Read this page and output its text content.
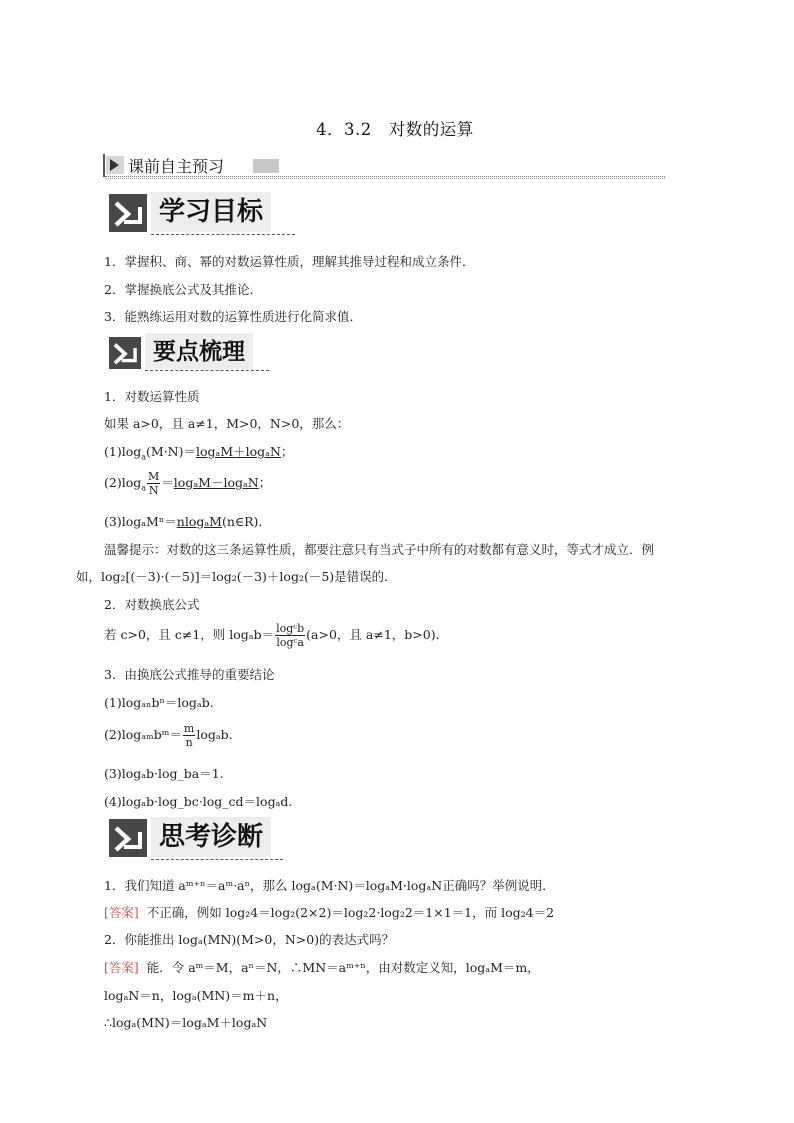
4．3.2　对数的运算
课前自主预习
学习目标
1．掌握积、商、幂的对数运算性质，理解其推导过程和成立条件．
2．掌握换底公式及其推论．
3．能熟练运用对数的运算性质进行化简求值．
要点梳理
1．对数运算性质
如果 a>0，且 a≠1，M>0，N>0，那么：
$(1)\log_a(M\cdot N)=\log_aM+\log_aN$；
$(2)\log_a \frac{M}{N} =\log_aM-\log_aN$；
(3)logₐMⁿ＝nlogₐM(n∈R)．
温馨提示：对数的这三条运算性质，都要注意只有当式子中所有的对数都有意义时，等式才成立．例
如，log₂[(－3)·(－5)]＝log₂(－3)＋log₂(－5)是错误的．
2．对数换底公式
若 c>0，且 c≠1，则 $\log_ab= \frac{\text{logᶜb}}{\text{logᶜa}} (a>0$，且 a≠1，b>0)．
3．由换底公式推导的重要结论
(1)logₐₙbⁿ＝logₐb.
(2)logₐₘbᵐ＝ $\frac{m}{n} \log_ab$.
(3)logₐb·log_ba＝1.
(4)logₐb·log_bc·log_cd＝logₐd.
思考诊断
1．我们知道 aᵐ⁺ⁿ＝aᵐ·aⁿ，那么 logₐ(M·N)＝logₐM·logₐN正确吗？举例说明．
[答案] 不正确，例如 log₂4＝log₂(2×2)＝log₂2·log₂2＝1×1＝1，而 log₂4＝2
2．你能推出 logₐ(MN)(M>0，N>0)的表达式吗？
[答案] 能．令 aᵐ＝M，aⁿ＝N，∴MN＝aᵐ⁺ⁿ，由对数定义知，logₐM＝m，
logₐN＝n，logₐ(MN)＝m＋n，
∴logₐ(MN)＝logₐM＋logₐN
